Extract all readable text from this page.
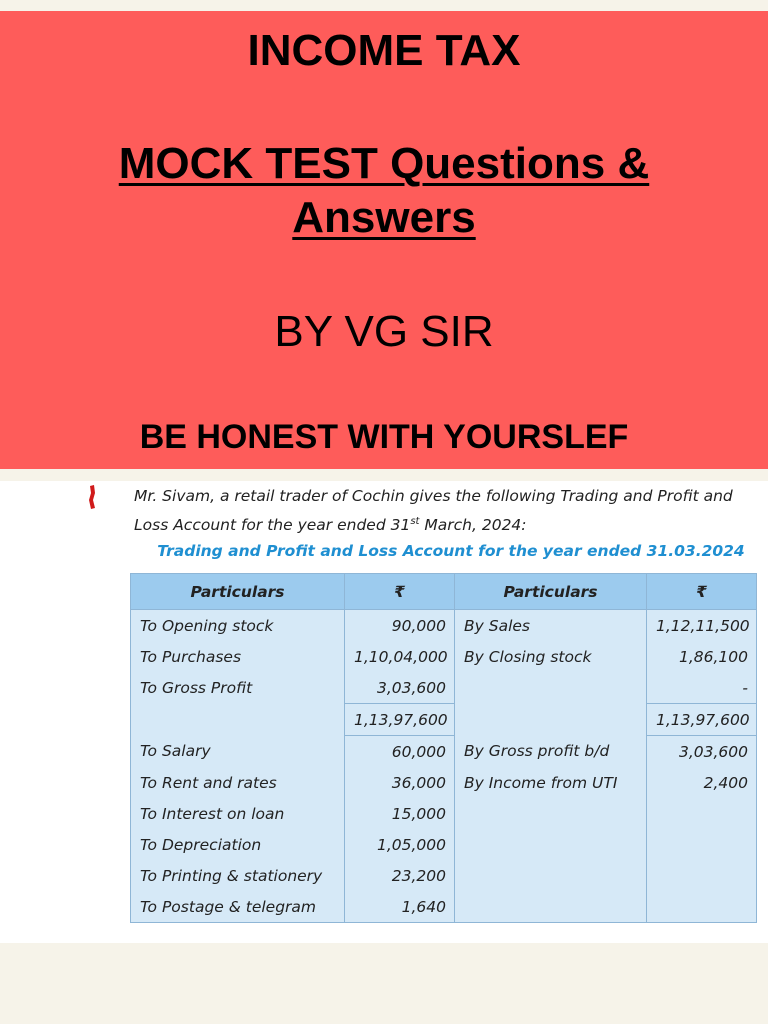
INCOME TAX
MOCK TEST Questions & Answers
BY VG SIR
BE HONEST WITH YOURSLEF
Mr. Sivam, a retail trader of Cochin gives the following Trading and Profit and Loss Account for the year ended 31st March, 2024:
Trading and Profit and Loss Account for the year ended 31.03.2024
Particulars	₹	Particulars	₹
To Opening stock	90,000	By Sales	1,12,11,500
To Purchases	1,10,04,000	By Closing stock	1,86,100
To Gross Profit	3,03,600		-
	1,13,97,600		1,13,97,600
To Salary	60,000	By Gross profit b/d	3,03,600
To Rent and rates	36,000	By Income from UTI	2,400
To Interest on loan	15,000		
To Depreciation	1,05,000		
To Printing & stationery	23,200		
To Postage & telegram	1,640		
